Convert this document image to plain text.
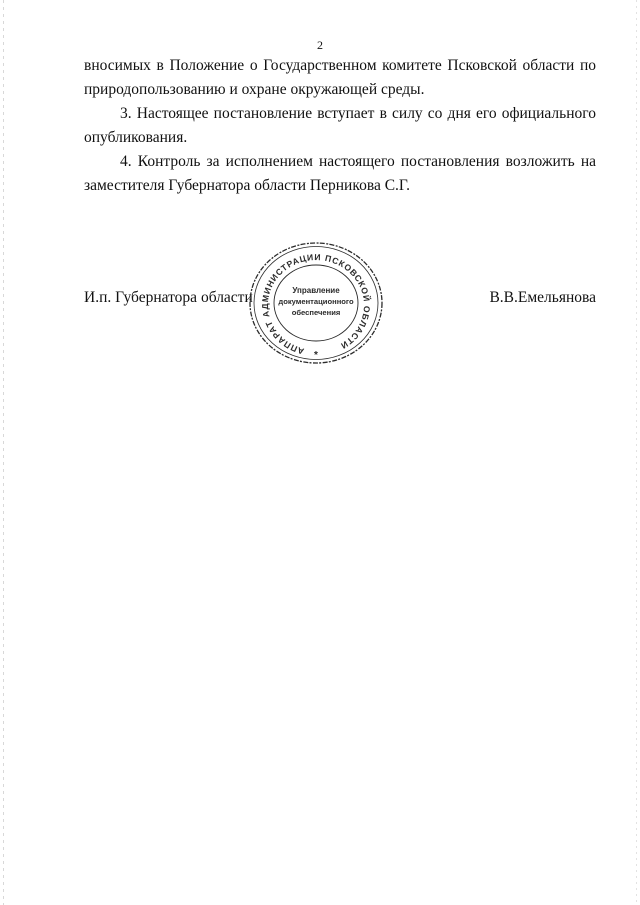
2

вносимых в Положение о Государственном комитете Псковской области по природопользованию и охране окружающей среды.

3. Настоящее постановление вступает в силу со дня его официального опубликования.

4. Контроль за исполнением настоящего постановления возложить на заместителя Губернатора области Перникова С.Г.

И.п. Губернатора области	В.В.Емельянова
АППАРАТ АДМИНИСТРАЦИИ ПСКОВСКОЙ ОБЛАСТИ
Управление
документационного
обеспечения
*
